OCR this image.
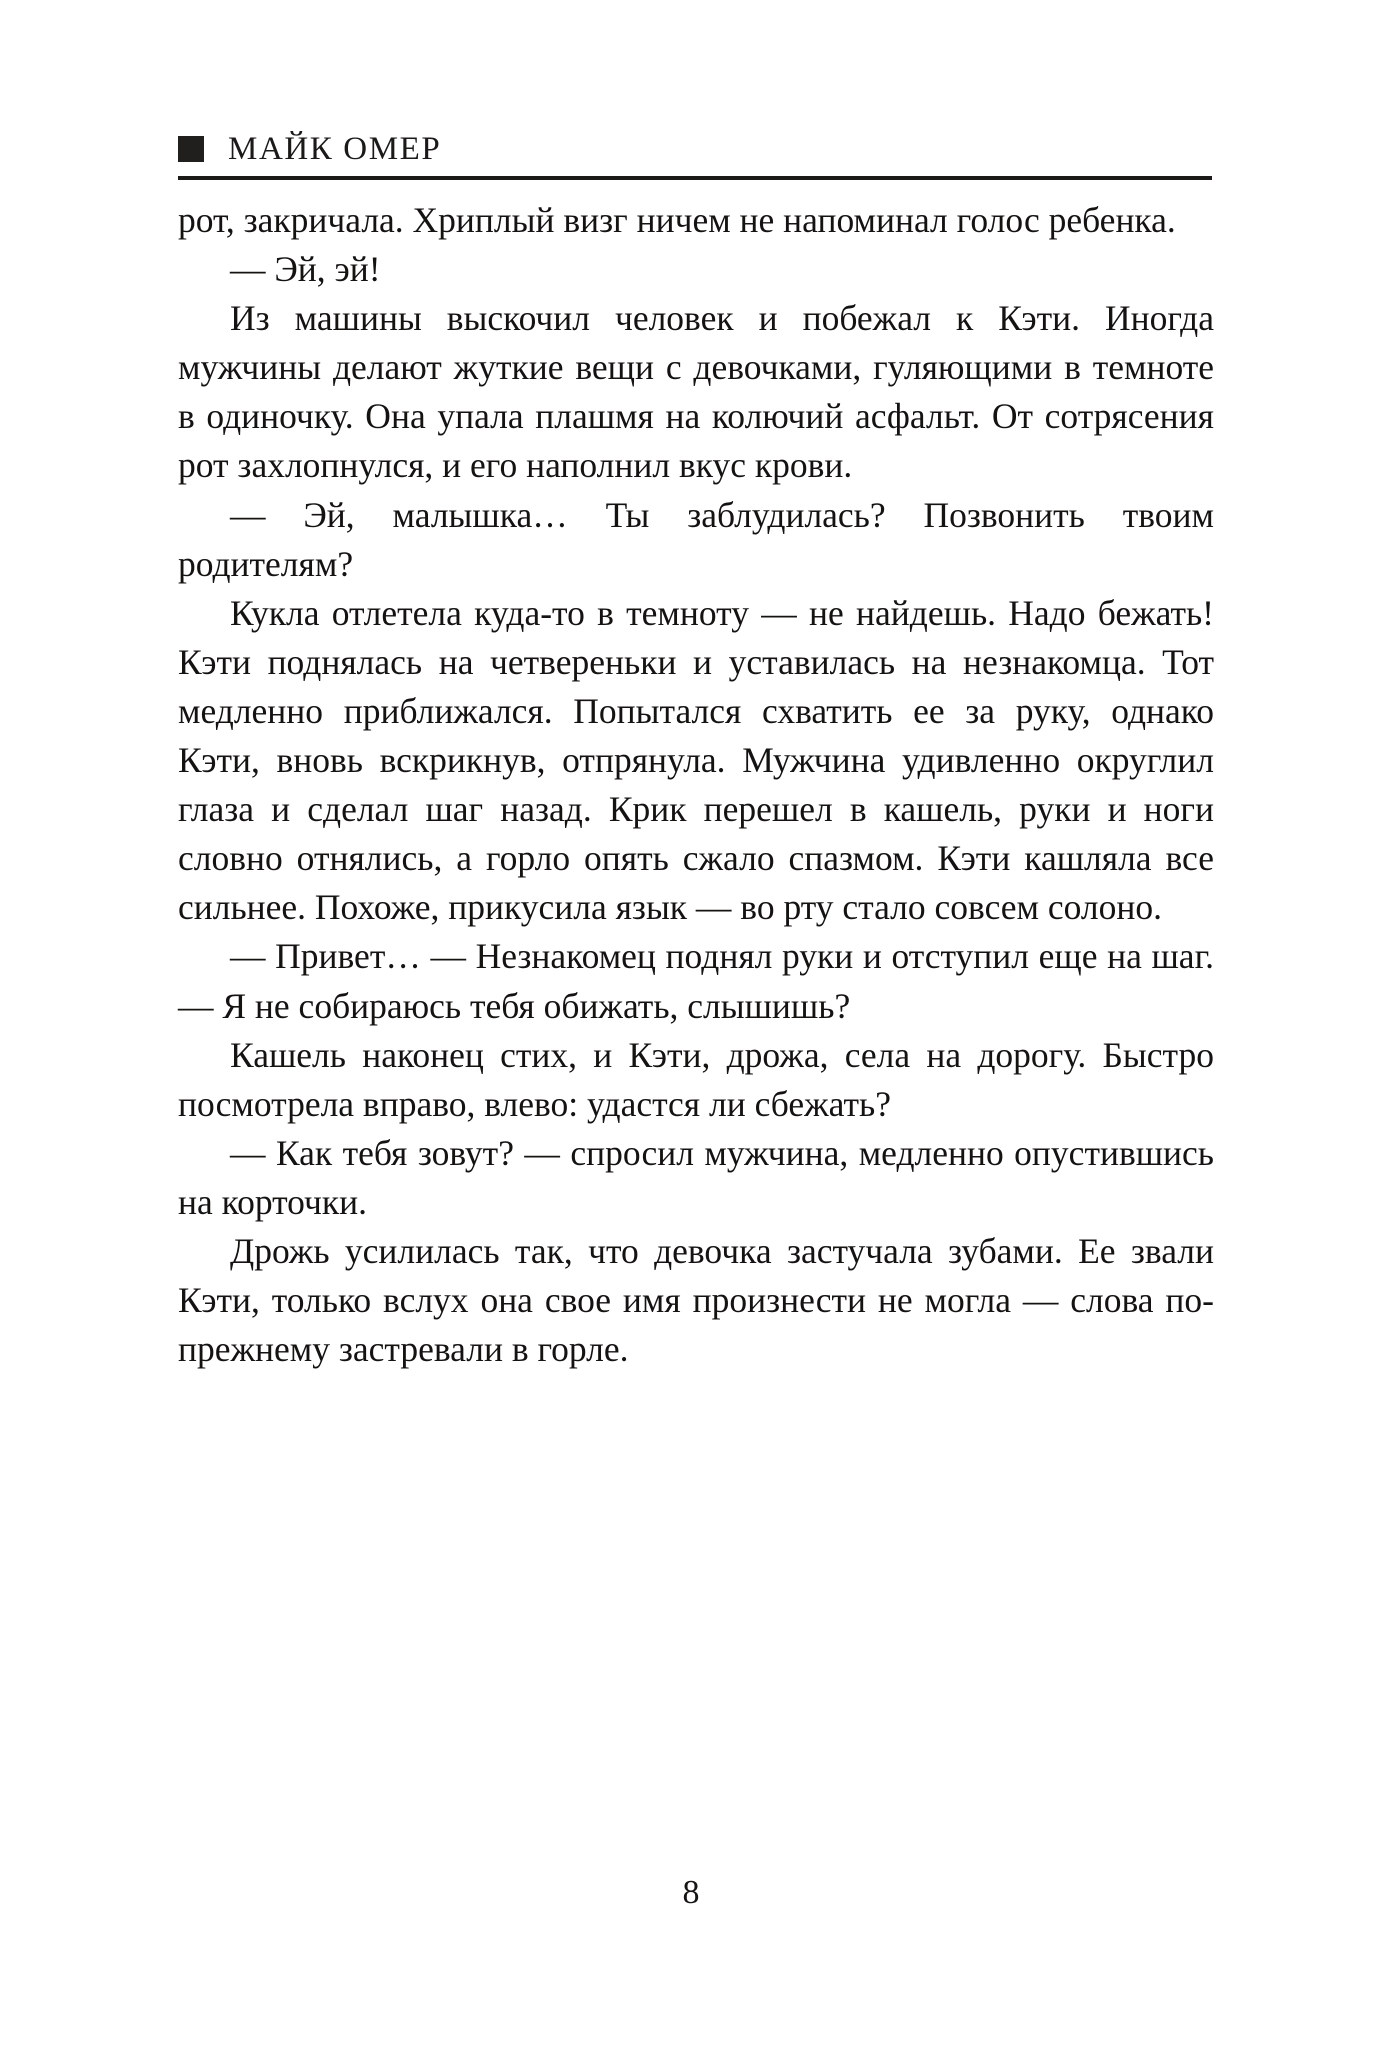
МАЙК ОМЕР

рот, закричала. Хриплый визг ничем не напоминал голос ребенка.

— Эй, эй!

Из машины выскочил человек и побежал к Кэти. Иногда мужчины делают жуткие вещи с девочками, гуляющими в темноте в одиночку. Она упала плашмя на колючий асфальт. От сотрясения рот захлопнулся, и его наполнил вкус крови.

— Эй, малышка… Ты заблудилась? Позвонить твоим родителям?

Кукла отлетела куда-то в темноту — не найдешь. Надо бежать! Кэти поднялась на четвереньки и уставилась на незнакомца. Тот медленно приближался. Попытался схватить ее за руку, однако Кэти, вновь вскрикнув, отпрянула. Мужчина удивленно округлил глаза и сделал шаг назад. Крик перешел в кашель, руки и ноги словно отнялись, а горло опять сжало спазмом. Кэти кашляла все сильнее. Похоже, прикусила язык — во рту стало совсем солоно.

— Привет… — Незнакомец поднял руки и отступил еще на шаг. — Я не собираюсь тебя обижать, слышишь?

Кашель наконец стих, и Кэти, дрожа, села на дорогу. Быстро посмотрела вправо, влево: удастся ли сбежать?

— Как тебя зовут? — спросил мужчина, медленно опустившись на корточки.

Дрожь усилилась так, что девочка застучала зубами. Ее звали Кэти, только вслух она свое имя произнести не могла — слова по-прежнему застревали в горле.

8
